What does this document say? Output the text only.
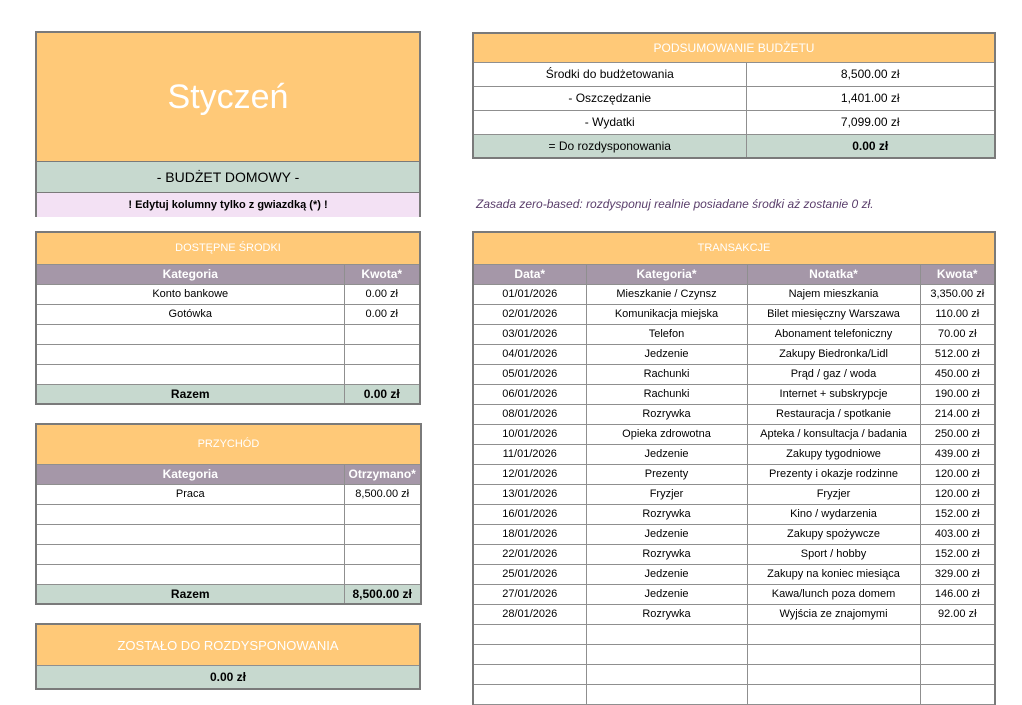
Styczeń
- BUDŻET DOMOWY -
! Edytuj kolumny tylko z gwiazdką (*) !
PODSUMOWANIE BUDŻETU	
Środki do budżetowania	8,500.00 zł
- Oszczędzanie	1,401.00 zł
- Wydatki	7,099.00 zł
= Do rozdysponowania	0.00 zł
Zasada zero-based: rozdysponuj realnie posiadane środki aż zostanie 0 zł.
DOSTĘPNE ŚRODKI	
Kategoria	Kwota*
Konto bankowe	0.00 zł
Gotówka	0.00 zł

Razem	0.00 zł
PRZYCHÓD	
Kategoria	Otrzymano*
Praca	8,500.00 zł

Razem	8,500.00 zł
ZOSTAŁO DO ROZDYSPONOWANIA
0.00 zł
TRANSAKCJE			
Data*	Kategoria*	Notatka*	Kwota*
01/01/2026	Mieszkanie / Czynsz	Najem mieszkania	3,350.00 zł
02/01/2026	Komunikacja miejska	Bilet miesięczny Warszawa	110.00 zł
03/01/2026	Telefon	Abonament telefoniczny	70.00 zł
04/01/2026	Jedzenie	Zakupy Biedronka/Lidl	512.00 zł
05/01/2026	Rachunki	Prąd / gaz / woda	450.00 zł
06/01/2026	Rachunki	Internet + subskrypcje	190.00 zł
08/01/2026	Rozrywka	Restauracja / spotkanie	214.00 zł
10/01/2026	Opieka zdrowotna	Apteka / konsultacja / badania	250.00 zł
11/01/2026	Jedzenie	Zakupy tygodniowe	439.00 zł
12/01/2026	Prezenty	Prezenty i okazje rodzinne	120.00 zł
13/01/2026	Fryzjer	Fryzjer	120.00 zł
16/01/2026	Rozrywka	Kino / wydarzenia	152.00 zł
18/01/2026	Jedzenie	Zakupy spożywcze	403.00 zł
22/01/2026	Rozrywka	Sport / hobby	152.00 zł
25/01/2026	Jedzenie	Zakupy na koniec miesiąca	329.00 zł
27/01/2026	Jedzenie	Kawa/lunch poza domem	146.00 zł
28/01/2026	Rozrywka	Wyjścia ze znajomymi	92.00 zł
